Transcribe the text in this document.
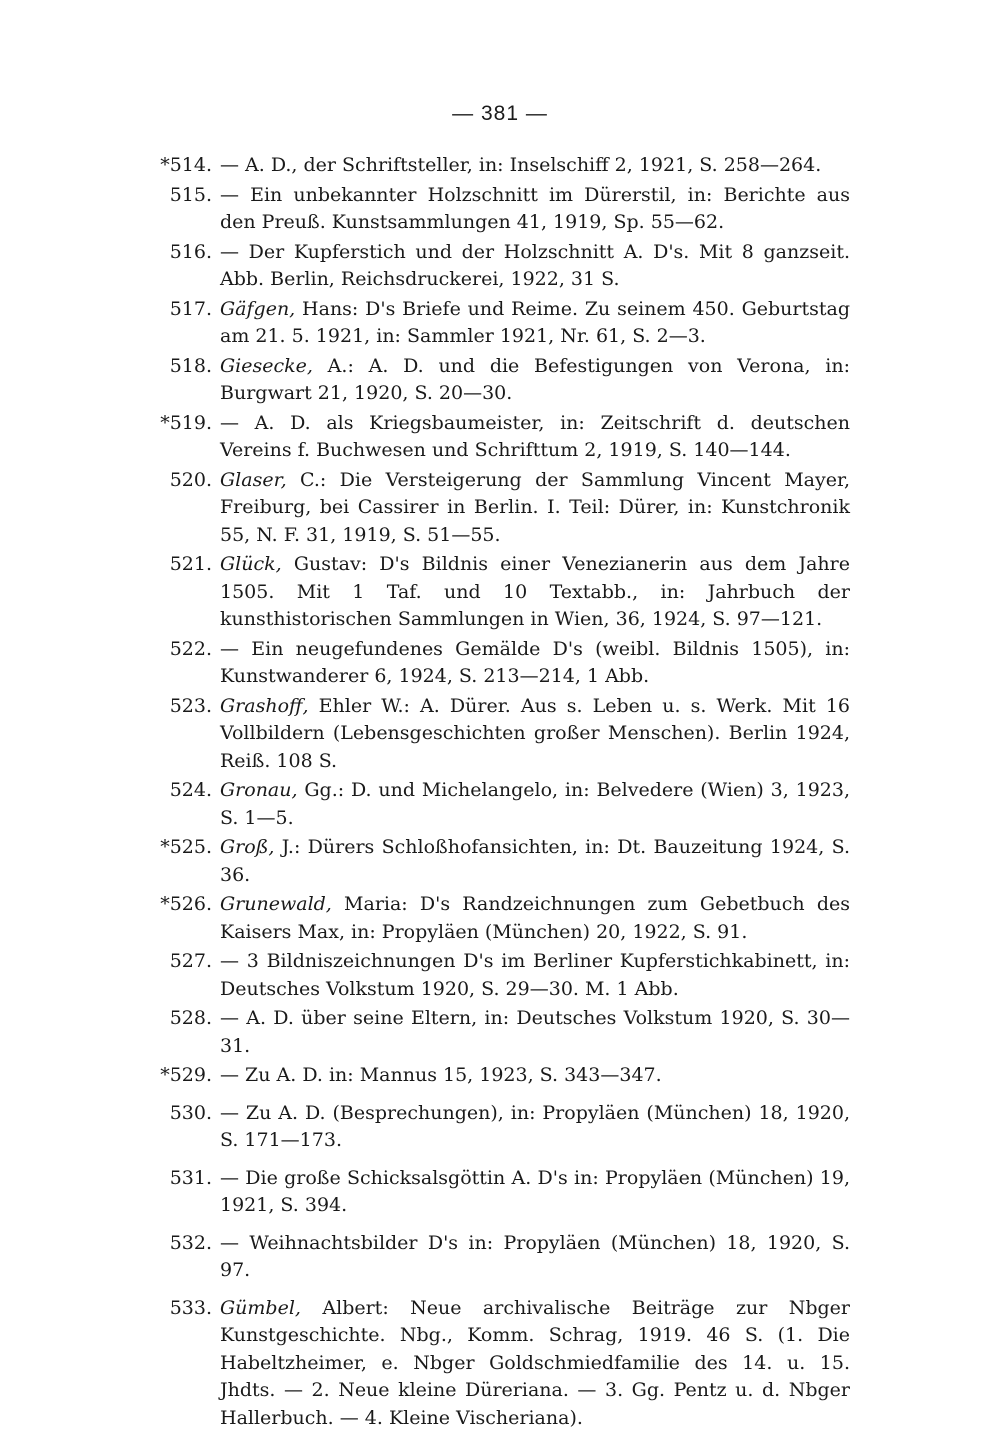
— 381 —
*514. — A. D., der Schriftsteller, in: Inselschiff 2, 1921, S. 258—264.
515. — Ein unbekannter Holzschnitt im Dürerstil, in: Berichte aus den Preuß. Kunstsammlungen 41, 1919, Sp. 55—62.
516. — Der Kupferstich und der Holzschnitt A. D's. Mit 8 ganzseit. Abb. Berlin, Reichsdruckerei, 1922, 31 S.
517. Gäfgen, Hans: D's Briefe und Reime. Zu seinem 450. Geburtstag am 21. 5. 1921, in: Sammler 1921, Nr. 61, S. 2—3.
518. Giesecke, A.: A. D. und die Befestigungen von Verona, in: Burgwart 21, 1920, S. 20—30.
*519. — A. D. als Kriegsbaumeister, in: Zeitschrift d. deutschen Vereins f. Buchwesen und Schrifttum 2, 1919, S. 140—144.
520. Glaser, C.: Die Versteigerung der Sammlung Vincent Mayer, Freiburg, bei Cassirer in Berlin. I. Teil: Dürer, in: Kunstchronik 55, N. F. 31, 1919, S. 51—55.
521. Glück, Gustav: D's Bildnis einer Venezianerin aus dem Jahre 1505. Mit 1 Taf. und 10 Textabb., in: Jahrbuch der kunsthistorischen Sammlungen in Wien, 36, 1924, S. 97—121.
522. — Ein neugefundenes Gemälde D's (weibl. Bildnis 1505), in: Kunstwanderer 6, 1924, S. 213—214, 1 Abb.
523. Grashoff, Ehler W.: A. Dürer. Aus s. Leben u. s. Werk. Mit 16 Vollbildern (Lebensgeschichten großer Menschen). Berlin 1924, Reiß. 108 S.
524. Gronau, Gg.: D. und Michelangelo, in: Belvedere (Wien) 3, 1923, S. 1—5.
*525. Groß, J.: Dürers Schloßhofansichten, in: Dt. Bauzeitung 1924, S. 36.
*526. Grunewald, Maria: D's Randzeichnungen zum Gebetbuch des Kaisers Max, in: Propyläen (München) 20, 1922, S. 91.
527. — 3 Bildniszeichnungen D's im Berliner Kupferstichkabinett, in: Deutsches Volkstum 1920, S. 29—30. M. 1 Abb.
528. — A. D. über seine Eltern, in: Deutsches Volkstum 1920, S. 30—31.
*529. — Zu A. D. in: Mannus 15, 1923, S. 343—347.
530. — Zu A. D. (Besprechungen), in: Propyläen (München) 18, 1920, S. 171—173.
531. — Die große Schicksalsgöttin A. D's in: Propyläen (München) 19, 1921, S. 394.
532. — Weihnachtsbilder D's in: Propyläen (München) 18, 1920, S. 97.
533. Gümbel, Albert: Neue archivalische Beiträge zur Nbger Kunstgeschichte. Nbg., Komm. Schrag, 1919. 46 S. (1. Die Habeltzheimer, e. Nbger Goldschmiedfamilie des 14. u. 15. Jhdts. — 2. Neue kleine Düreriana. — 3. Gg. Pentz u. d. Nbger Hallerbuch. — 4. Kleine Vischeriana).
